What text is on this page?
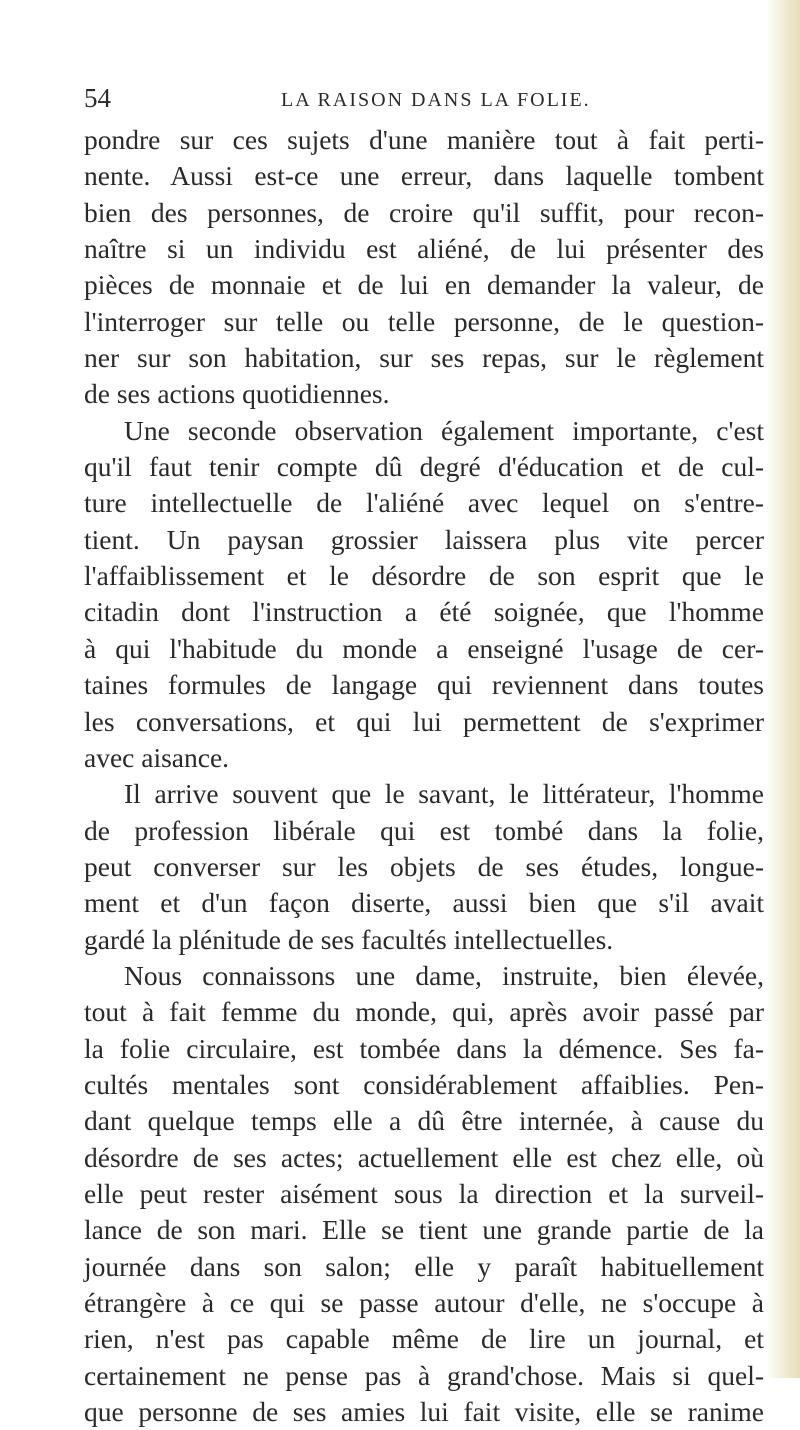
54	LA RAISON DANS LA FOLIE.
pondre sur ces sujets d'une manière tout à fait perti-
nente. Aussi est-ce une erreur, dans laquelle tombent
bien des personnes, de croire qu'il suffit, pour recon-
naître si un individu est aliéné, de lui présenter des
pièces de monnaie et de lui en demander la valeur, de
l'interroger sur telle ou telle personne, de le question-
ner sur son habitation, sur ses repas, sur le règlement
de ses actions quotidiennes.
Une seconde observation également importante, c'est
qu'il faut tenir compte dû degré d'éducation et de cul-
ture intellectuelle de l'aliéné avec lequel on s'entre-
tient. Un paysan grossier laissera plus vite percer
l'affaiblissement et le désordre de son esprit que le
citadin dont l'instruction a été soignée, que l'homme
à qui l'habitude du monde a enseigné l'usage de cer-
taines formules de langage qui reviennent dans toutes
les conversations, et qui lui permettent de s'exprimer
avec aisance.
Il arrive souvent que le savant, le littérateur, l'homme
de profession libérale qui est tombé dans la folie,
peut converser sur les objets de ses études, longue-
ment et d'un façon diserte, aussi bien que s'il avait
gardé la plénitude de ses facultés intellectuelles.
Nous connaissons une dame, instruite, bien élevée,
tout à fait femme du monde, qui, après avoir passé par
la folie circulaire, est tombée dans la démence. Ses fa-
cultés mentales sont considérablement affaiblies. Pen-
dant quelque temps elle a dû être internée, à cause du
désordre de ses actes; actuellement elle est chez elle, où
elle peut rester aisément sous la direction et la surveil-
lance de son mari. Elle se tient une grande partie de la
journée dans son salon; elle y paraît habituellement
étrangère à ce qui se passe autour d'elle, ne s'occupe à
rien, n'est pas capable même de lire un journal, et
certainement ne pense pas à grand'chose. Mais si quel-
que personne de ses amies lui fait visite, elle se ranime
